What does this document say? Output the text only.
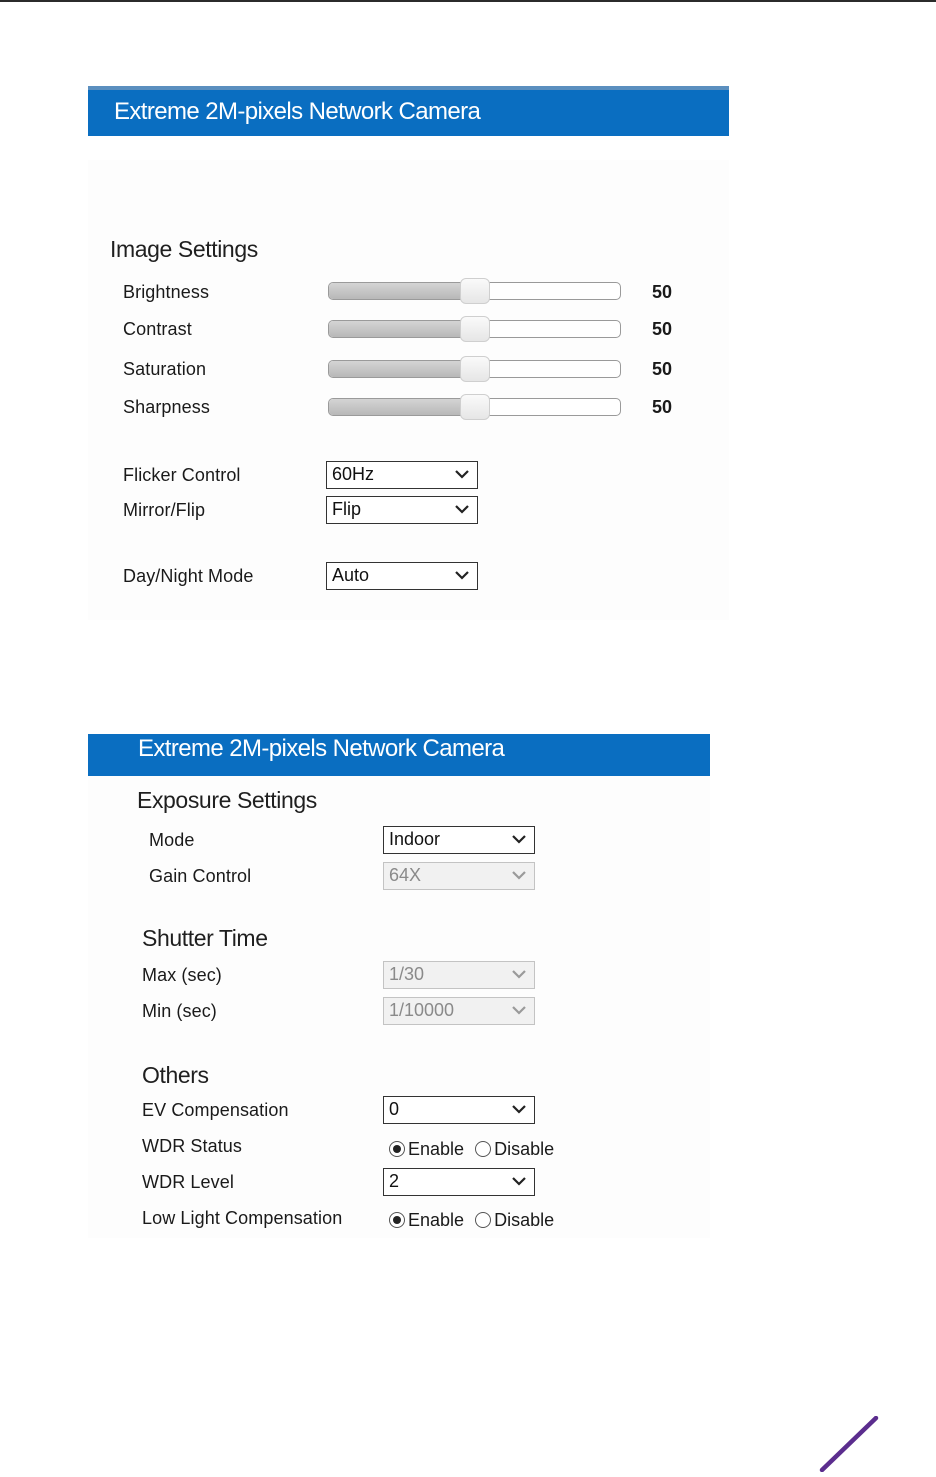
Extreme 2M-pixels Network Camera
Image Settings
Brightness	50
Contrast	50
Saturation	50
Sharpness	50
Flicker Control	60Hz
Mirror/Flip	Flip
Day/Night Mode	Auto
Extreme 2M-pixels Network Camera
Exposure Settings
Mode	Indoor
Gain Control	64X
Shutter Time
Max (sec)	1/30
Min (sec)	1/10000
Others
EV Compensation	0
WDR Status	Enable Disable
WDR Level	2
Low Light Compensation	Enable Disable
